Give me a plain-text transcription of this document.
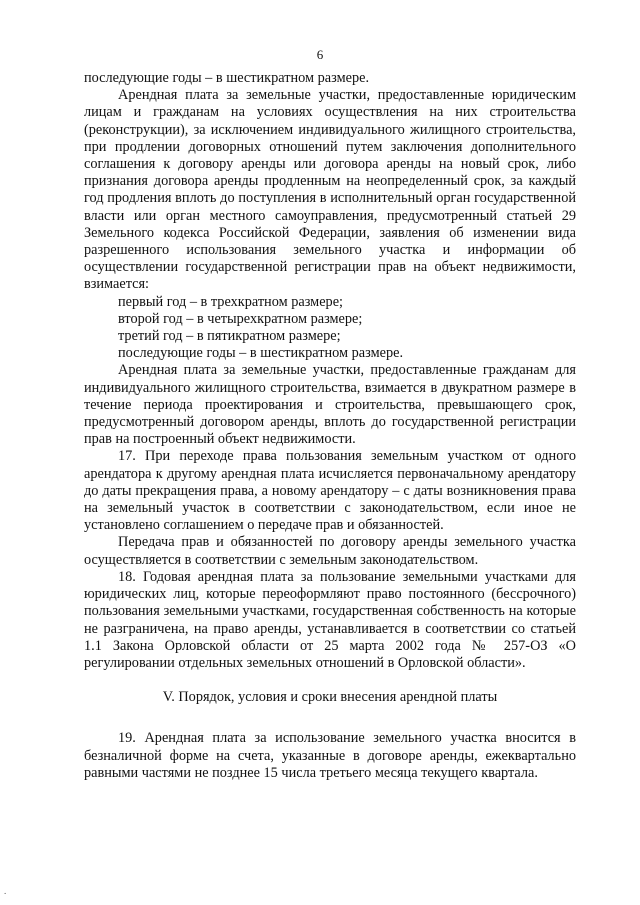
6

последующие годы – в шестикратном размере.

Арендная плата за земельные участки, предоставленные юридическим лицам и гражданам на условиях осуществления на них строительства (реконструкции), за исключением индивидуального жилищного строительства, при продлении договорных отношений путем заключения дополнительного соглашения к договору аренды или договора аренды на новый срок, либо признания договора аренды продленным на неопределенный срок, за каждый год продления вплоть до поступления в исполнительный орган государственной власти или орган местного самоуправления, предусмотренный статьей 29 Земельного кодекса Российской Федерации, заявления об изменении вида разрешенного использования земельного участка и информации об осуществлении государственной регистрации прав на объект недвижимости, взимается:

первый год – в трехкратном размере;

второй год – в четырехкратном размере;

третий год – в пятикратном размере;

последующие годы – в шестикратном размере.

Арендная плата за земельные участки, предоставленные гражданам для индивидуального жилищного строительства, взимается в двукратном размере в течение периода проектирования и строительства, превышающего срок, предусмотренный договором аренды, вплоть до государственной регистрации прав на построенный объект недвижимости.

17. При переходе права пользования земельным участком от одного арендатора к другому арендная плата исчисляется первоначальному арендатору до даты прекращения права, а новому арендатору – с даты возникновения права на земельный участок в соответствии с законодательством, если иное не установлено соглашением о передаче прав и обязанностей.

Передача прав и обязанностей по договору аренды земельного участка осуществляется в соответствии с земельным законодательством.

18. Годовая арендная плата за пользование земельными участками для юридических лиц, которые переоформляют право постоянного (бессрочного) пользования земельными участками, государственная собственность на которые не разграничена, на право аренды, устанавливается в соответствии со статьей 1.1 Закона Орловской области от 25 марта 2002 года № 257-ОЗ «О регулировании отдельных земельных отношений в Орловской области».

V. Порядок, условия и сроки внесения арендной платы

19. Арендная плата за использование земельного участка вносится в безналичной форме на счета, указанные в договоре аренды, ежеквартально равными частями не позднее 15 числа третьего месяца текущего квартала.

.
